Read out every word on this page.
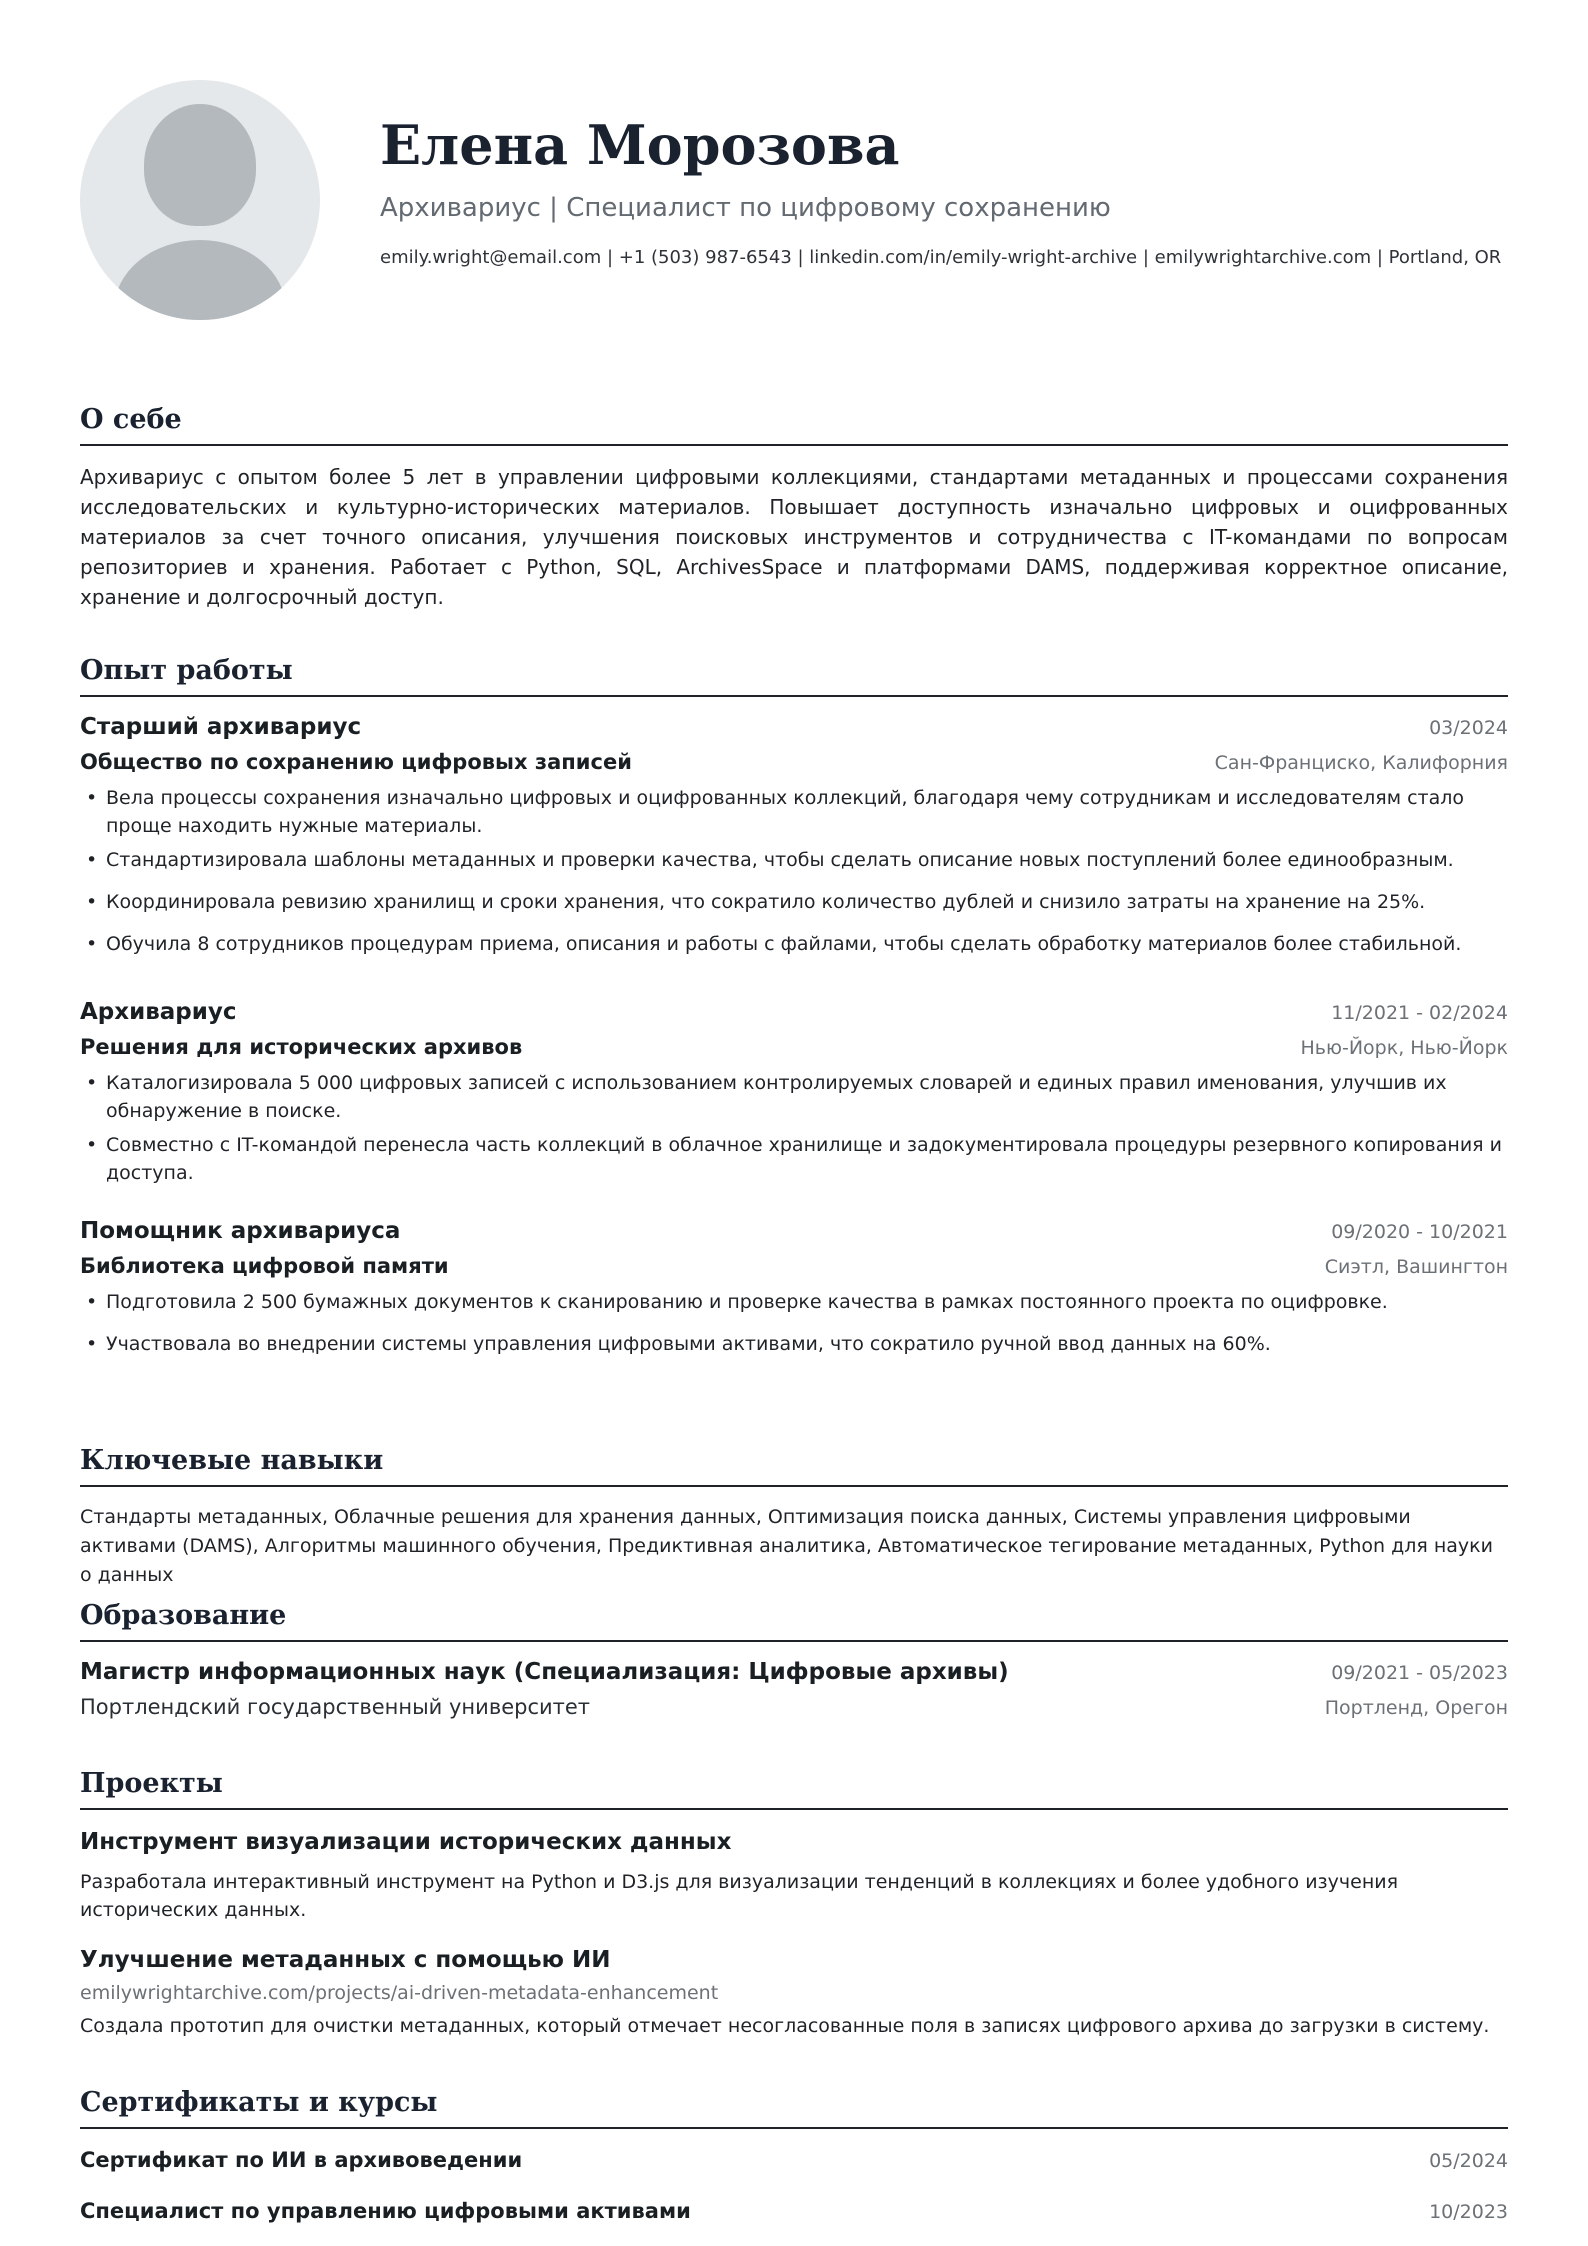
Елена Морозова
Архивариус | Специалист по цифровому сохранению
emily.wright@email.com | +1 (503) 987-6543 | linkedin.com/in/emily-wright-archive | emilywrightarchive.com | Portland, OR
О себе
Архивариус с опытом более 5 лет в управлении цифровыми коллекциями, стандартами метаданных и процессами сохранения исследовательских и культурно-исторических материалов. Повышает доступность изначально цифровых и оцифрованных материалов за счет точного описания, улучшения поисковых инструментов и сотрудничества с IT-командами по вопросам репозиториев и хранения. Работает с Python, SQL, ArchivesSpace и платформами DAMS, поддерживая корректное описание, хранение и долгосрочный доступ.
Опыт работы
Старший архивариус	03/2024
Общество по сохранению цифровых записей	Сан-Франциско, Калифорния
• Вела процессы сохранения изначально цифровых и оцифрованных коллекций, благодаря чему сотрудникам и исследователям стало проще находить нужные материалы.
• Стандартизировала шаблоны метаданных и проверки качества, чтобы сделать описание новых поступлений более единообразным.
• Координировала ревизию хранилищ и сроки хранения, что сократило количество дублей и снизило затраты на хранение на 25%.
• Обучила 8 сотрудников процедурам приема, описания и работы с файлами, чтобы сделать обработку материалов более стабильной.
Архивариус	11/2021 - 02/2024
Решения для исторических архивов	Нью-Йорк, Нью-Йорк
• Каталогизировала 5 000 цифровых записей с использованием контролируемых словарей и единых правил именования, улучшив их обнаружение в поиске.
• Совместно с IT-командой перенесла часть коллекций в облачное хранилище и задокументировала процедуры резервного копирования и доступа.
Помощник архивариуса	09/2020 - 10/2021
Библиотека цифровой памяти	Сиэтл, Вашингтон
• Подготовила 2 500 бумажных документов к сканированию и проверке качества в рамках постоянного проекта по оцифровке.
• Участвовала во внедрении системы управления цифровыми активами, что сократило ручной ввод данных на 60%.
Ключевые навыки
Стандарты метаданных, Облачные решения для хранения данных, Оптимизация поиска данных, Системы управления цифровыми активами (DAMS), Алгоритмы машинного обучения, Предиктивная аналитика, Автоматическое тегирование метаданных, Python для науки о данных
Образование
Магистр информационных наук (Специализация: Цифровые архивы)	09/2021 - 05/2023
Портлендский государственный университет	Портленд, Орегон
Проекты
Инструмент визуализации исторических данных
Разработала интерактивный инструмент на Python и D3.js для визуализации тенденций в коллекциях и более удобного изучения исторических данных.
Улучшение метаданных с помощью ИИ
emilywrightarchive.com/projects/ai-driven-metadata-enhancement
Создала прототип для очистки метаданных, который отмечает несогласованные поля в записях цифрового архива до загрузки в систему.
Сертификаты и курсы
Сертификат по ИИ в архивоведении	05/2024
Специалист по управлению цифровыми активами	10/2023
